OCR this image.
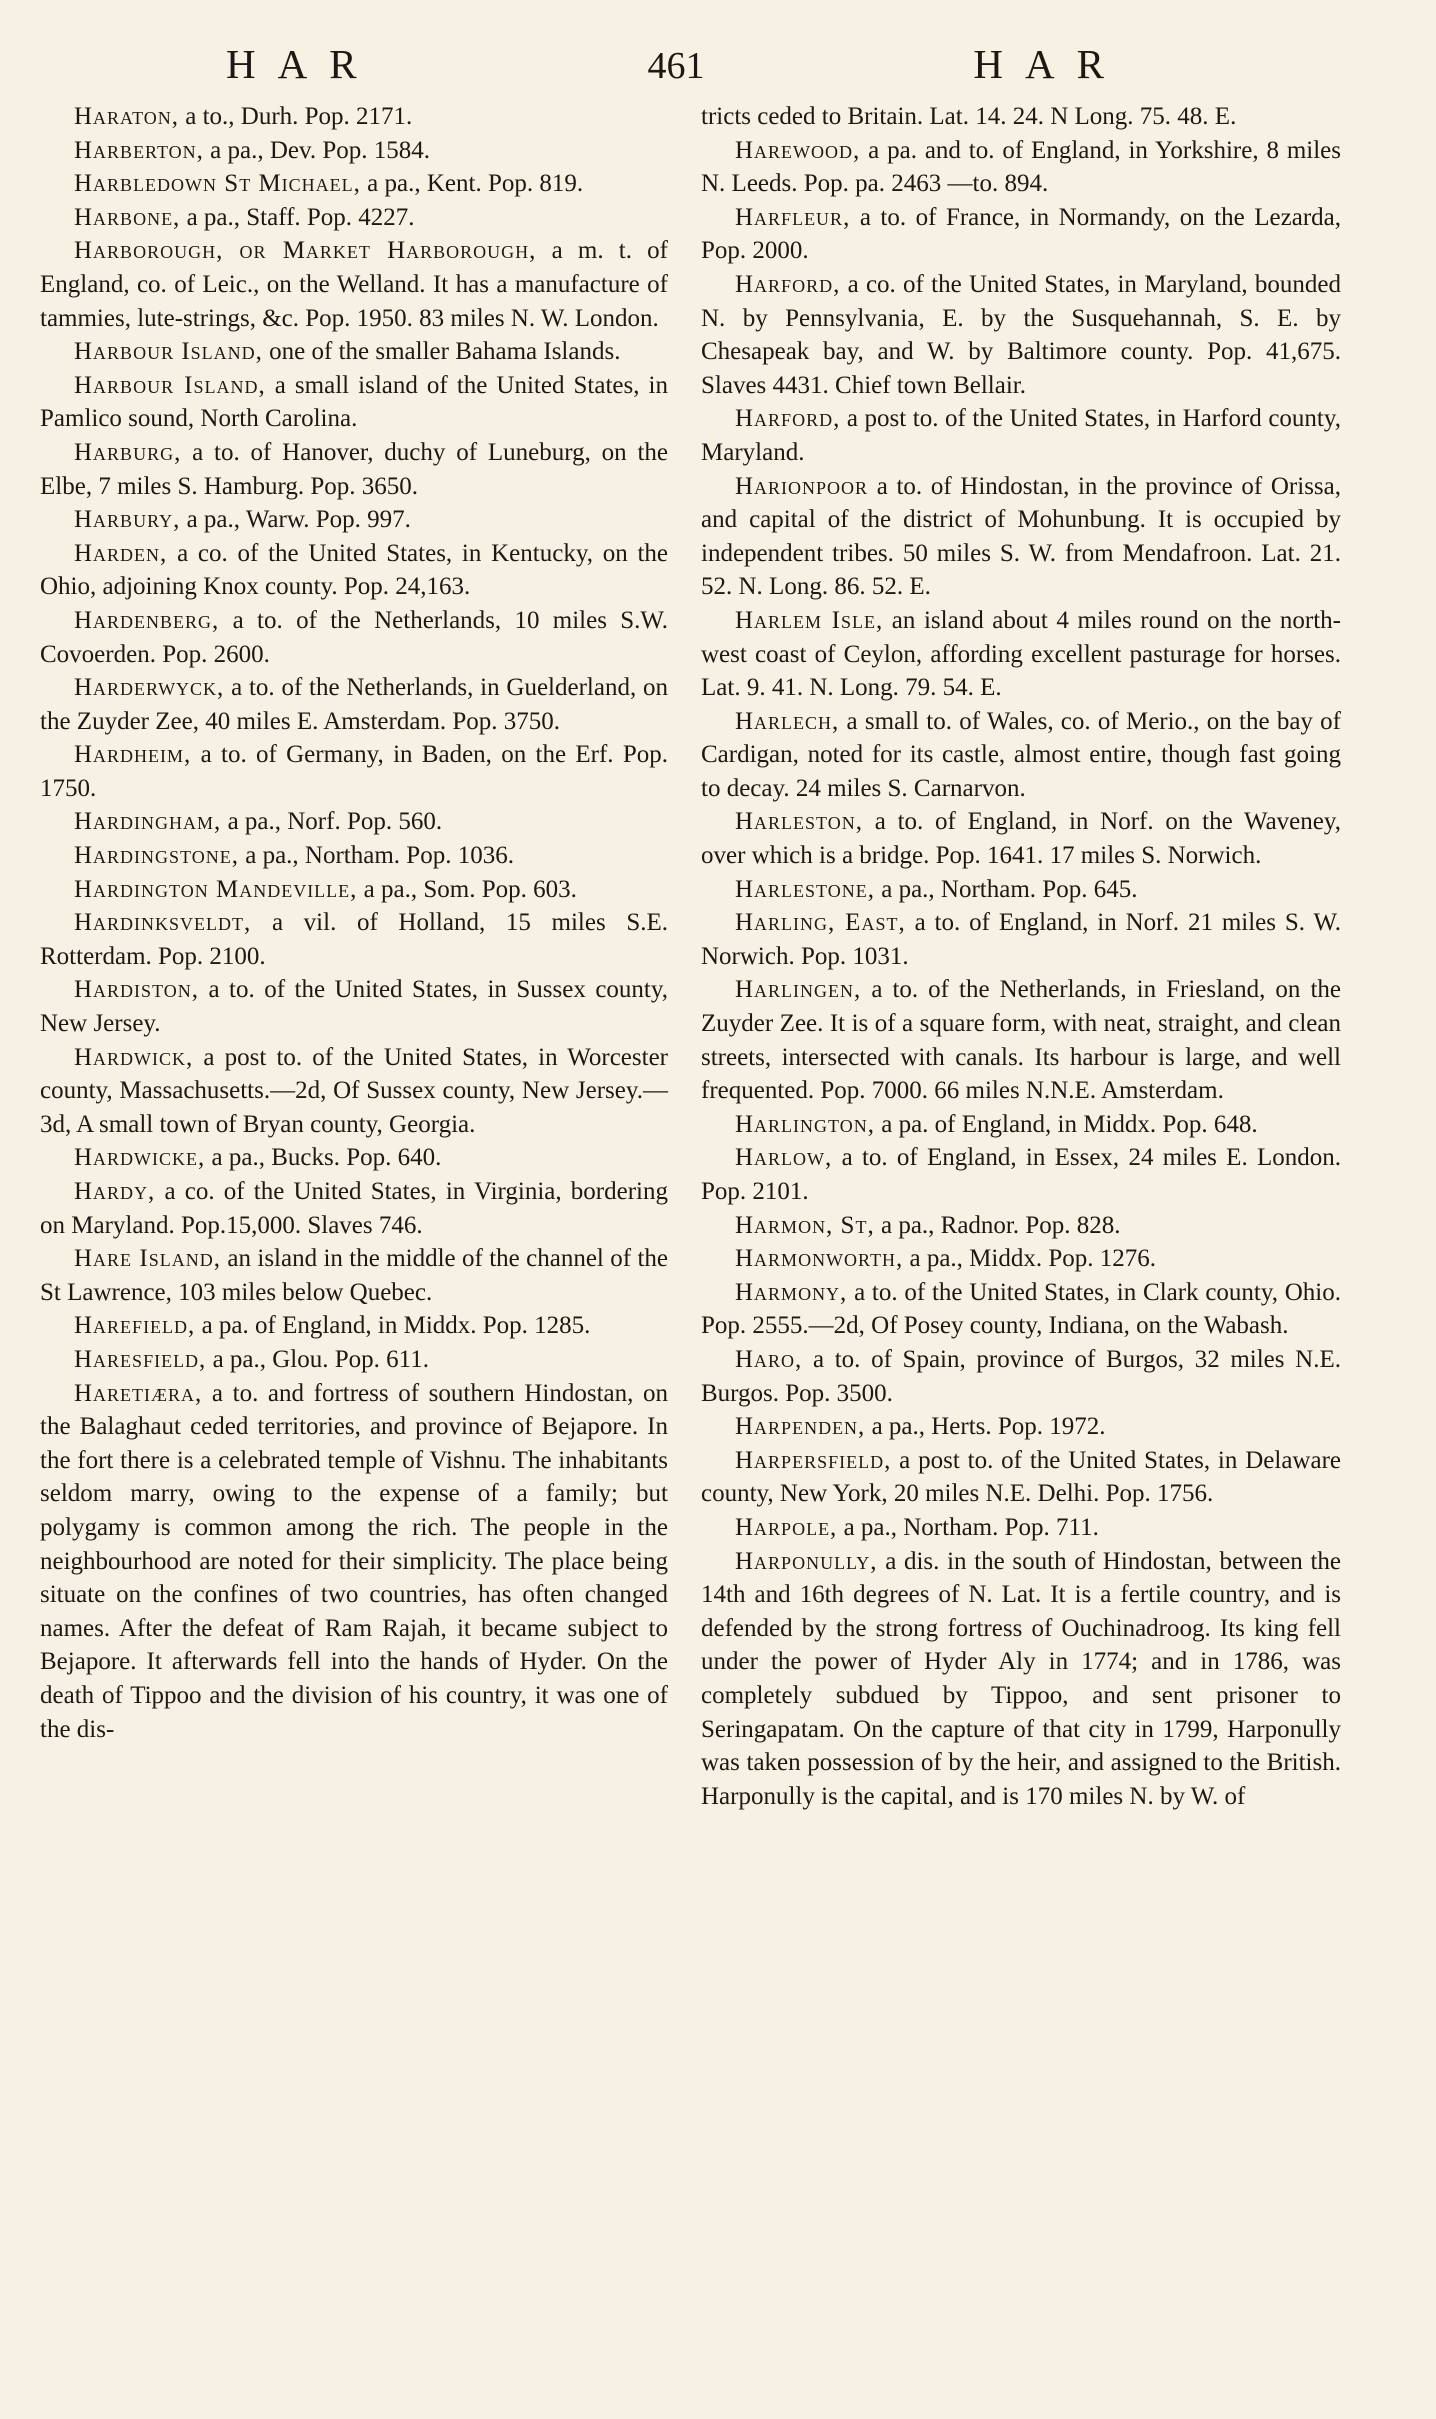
HAR	461	HAR

Haraton, a to., Durh. Pop. 2171.

Harberton, a pa., Dev. Pop. 1584.

Harbledown St Michael, a pa., Kent. Pop. 819.

Harbone, a pa., Staff. Pop. 4227.

Harborough, or Market Harborough, a m. t. of England, co. of Leic., on the Welland. It has a manufacture of tammies, lute-strings, &c. Pop. 1950. 83 miles N. W. London.

Harbour Island, one of the smaller Bahama Islands.

Harbour Island, a small island of the United States, in Pamlico sound, North Carolina.

Harburg, a to. of Hanover, duchy of Luneburg, on the Elbe, 7 miles S. Hamburg. Pop. 3650.

Harbury, a pa., Warw. Pop. 997.

Harden, a co. of the United States, in Kentucky, on the Ohio, adjoining Knox county. Pop. 24,163.

Hardenberg, a to. of the Netherlands, 10 miles S.W. Covoerden. Pop. 2600.

Harderwyck, a to. of the Netherlands, in Guelderland, on the Zuyder Zee, 40 miles E. Amsterdam. Pop. 3750.

Hardheim, a to. of Germany, in Baden, on the Erf. Pop. 1750.

Hardingham, a pa., Norf. Pop. 560.

Hardingstone, a pa., Northam. Pop. 1036.

Hardington Mandeville, a pa., Som. Pop. 603.

Hardinksveldt, a vil. of Holland, 15 miles S.E. Rotterdam. Pop. 2100.

Hardiston, a to. of the United States, in Sussex county, New Jersey.

Hardwick, a post to. of the United States, in Worcester county, Massachusetts.—2d, Of Sussex county, New Jersey.—3d, A small town of Bryan county, Georgia.

Hardwicke, a pa., Bucks. Pop. 640.

Hardy, a co. of the United States, in Virginia, bordering on Maryland. Pop.15,000. Slaves 746.

Hare Island, an island in the middle of the channel of the St Lawrence, 103 miles below Quebec.

Harefield, a pa. of England, in Middx. Pop. 1285.

Haresfield, a pa., Glou. Pop. 611.

Haretiæra, a to. and fortress of southern Hindostan, on the Balaghaut ceded territories, and province of Bejapore. In the fort there is a celebrated temple of Vishnu. The inhabitants seldom marry, owing to the expense of a family; but polygamy is common among the rich. The people in the neighbourhood are noted for their simplicity. The place being situate on the confines of two countries, has often changed names. After the defeat of Ram Rajah, it became subject to Bejapore. It afterwards fell into the hands of Hyder. On the death of Tippoo and the division of his country, it was one of the dis-

tricts ceded to Britain. Lat. 14. 24. N Long. 75. 48. E.

Harewood, a pa. and to. of England, in Yorkshire, 8 miles N. Leeds. Pop. pa. 2463 —to. 894.

Harfleur, a to. of France, in Normandy, on the Lezarda, Pop. 2000.

Harford, a co. of the United States, in Maryland, bounded N. by Pennsylvania, E. by the Susquehannah, S. E. by Chesapeak bay, and W. by Baltimore county. Pop. 41,675. Slaves 4431. Chief town Bellair.

Harford, a post to. of the United States, in Harford county, Maryland.

Harionpoor a to. of Hindostan, in the province of Orissa, and capital of the district of Mohunbung. It is occupied by independent tribes. 50 miles S. W. from Mendafroon. Lat. 21. 52. N. Long. 86. 52. E.

Harlem Isle, an island about 4 miles round on the north-west coast of Ceylon, affording excellent pasturage for horses. Lat. 9. 41. N. Long. 79. 54. E.

Harlech, a small to. of Wales, co. of Merio., on the bay of Cardigan, noted for its castle, almost entire, though fast going to decay. 24 miles S. Carnarvon.

Harleston, a to. of England, in Norf. on the Waveney, over which is a bridge. Pop. 1641. 17 miles S. Norwich.

Harlestone, a pa., Northam. Pop. 645.

Harling, East, a to. of England, in Norf. 21 miles S. W. Norwich. Pop. 1031.

Harlingen, a to. of the Netherlands, in Friesland, on the Zuyder Zee. It is of a square form, with neat, straight, and clean streets, intersected with canals. Its harbour is large, and well frequented. Pop. 7000. 66 miles N.N.E. Amsterdam.

Harlington, a pa. of England, in Middx. Pop. 648.

Harlow, a to. of England, in Essex, 24 miles E. London. Pop. 2101.

Harmon, St, a pa., Radnor. Pop. 828.

Harmonworth, a pa., Middx. Pop. 1276.

Harmony, a to. of the United States, in Clark county, Ohio. Pop. 2555.—2d, Of Posey county, Indiana, on the Wabash.

Haro, a to. of Spain, province of Burgos, 32 miles N.E. Burgos. Pop. 3500.

Harpenden, a pa., Herts. Pop. 1972.

Harpersfield, a post to. of the United States, in Delaware county, New York, 20 miles N.E. Delhi. Pop. 1756.

Harpole, a pa., Northam. Pop. 711.

Harponully, a dis. in the south of Hindostan, between the 14th and 16th degrees of N. Lat. It is a fertile country, and is defended by the strong fortress of Ouchinadroog. Its king fell under the power of Hyder Aly in 1774; and in 1786, was completely subdued by Tippoo, and sent prisoner to Seringapatam. On the capture of that city in 1799, Harponully was taken possession of by the heir, and assigned to the British. Harponully is the capital, and is 170 miles N. by W. of
